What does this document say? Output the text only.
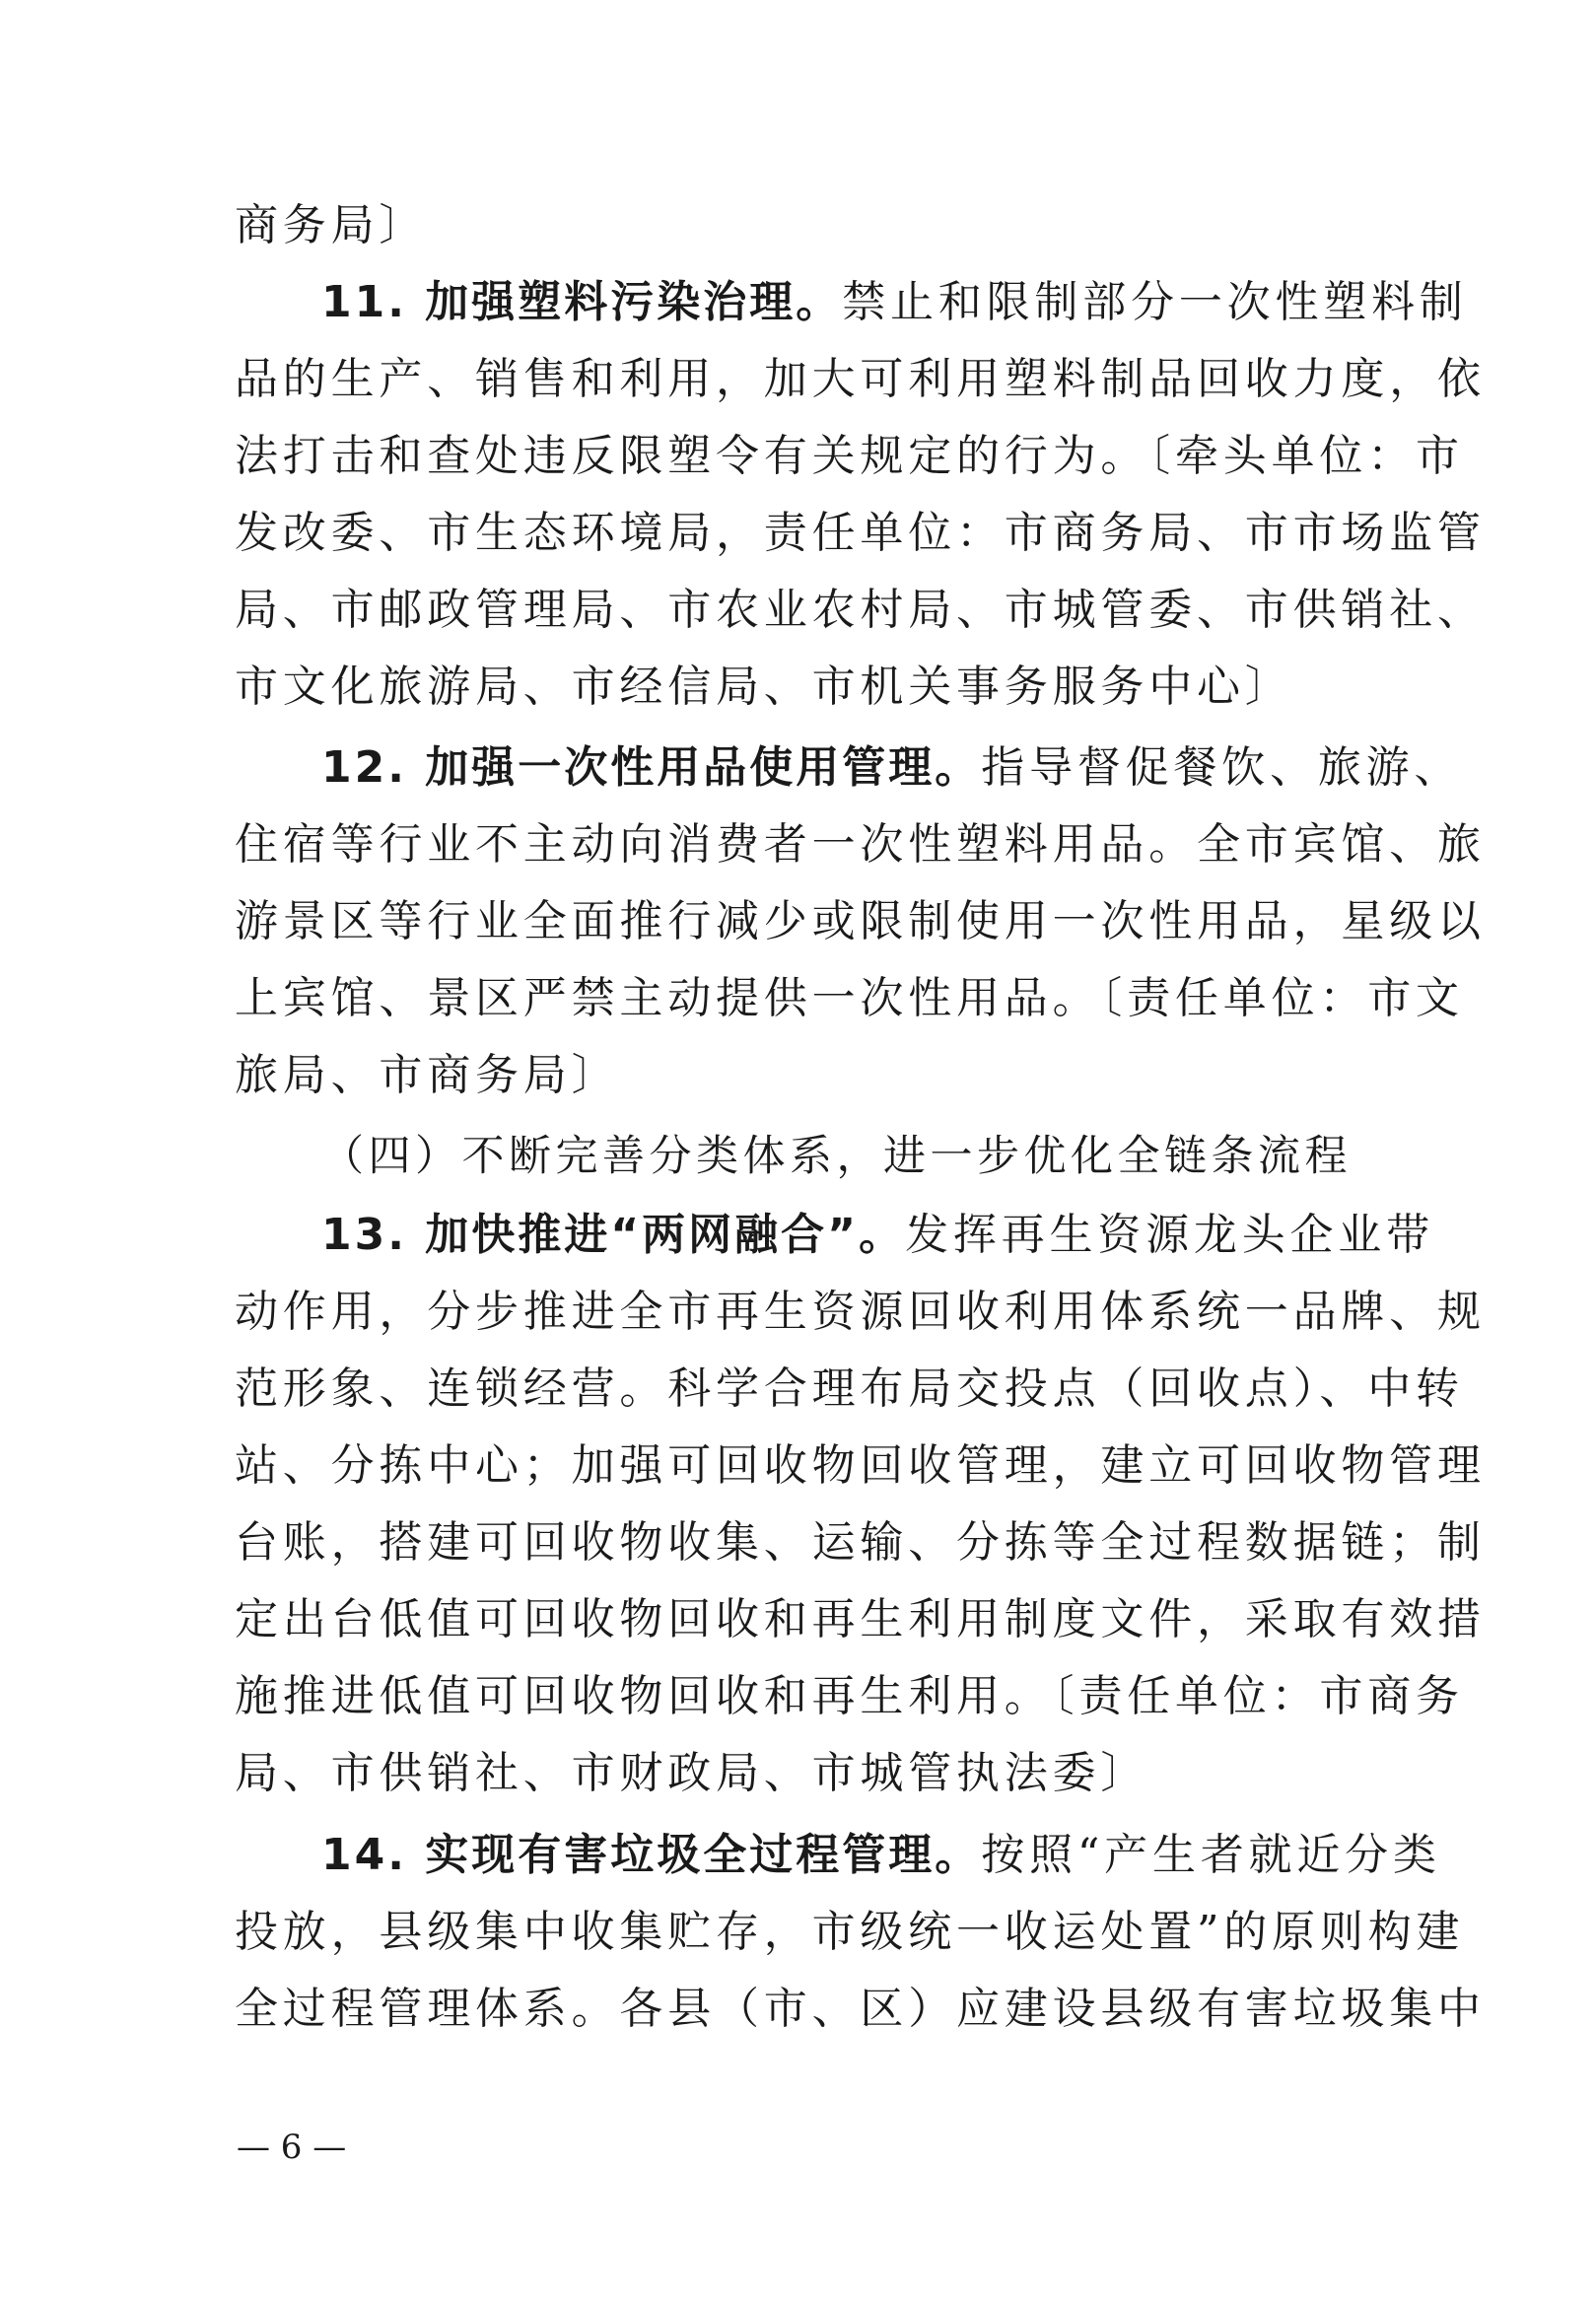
商务局〕
11. 加强塑料污染治理。禁止和限制部分一次性塑料制
品的生产、销售和利用，加大可利用塑料制品回收力度，依
法打击和查处违反限塑令有关规定的行为。〔牵头单位：市
发改委、市生态环境局，责任单位：市商务局、市市场监管
局、市邮政管理局、市农业农村局、市城管委、市供销社、
市文化旅游局、市经信局、市机关事务服务中心〕
12. 加强一次性用品使用管理。指导督促餐饮、旅游、
住宿等行业不主动向消费者一次性塑料用品。全市宾馆、旅
游景区等行业全面推行减少或限制使用一次性用品，星级以
上宾馆、景区严禁主动提供一次性用品。〔责任单位：市文
旅局、市商务局〕
（四）不断完善分类体系，进一步优化全链条流程
13. 加快推进“两网融合”。发挥再生资源龙头企业带
动作用，分步推进全市再生资源回收利用体系统一品牌、规
范形象、连锁经营。科学合理布局交投点（回收点）、中转
站、分拣中心；加强可回收物回收管理，建立可回收物管理
台账，搭建可回收物收集、运输、分拣等全过程数据链；制
定出台低值可回收物回收和再生利用制度文件，采取有效措
施推进低值可回收物回收和再生利用。〔责任单位：市商务
局、市供销社、市财政局、市城管执法委〕
14. 实现有害垃圾全过程管理。按照“产生者就近分类
投放，县级集中收集贮存，市级统一收运处置”的原则构建
全过程管理体系。各县（市、区）应建设县级有害垃圾集中
— 6 —
